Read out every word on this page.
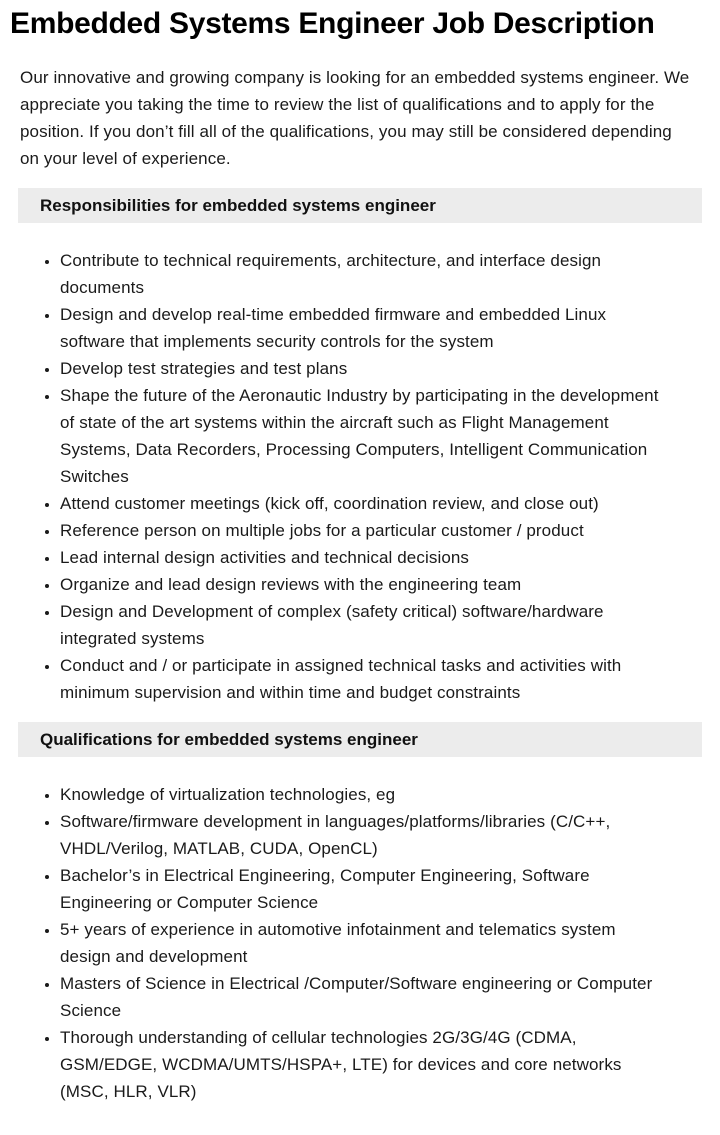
Embedded Systems Engineer Job Description

Our innovative and growing company is looking for an embedded systems engineer. We appreciate you taking the time to review the list of qualifications and to apply for the position. If you don’t fill all of the qualifications, you may still be considered depending on your level of experience.

Responsibilities for embedded systems engineer
• Contribute to technical requirements, architecture, and interface design documents
• Design and develop real-time embedded firmware and embedded Linux software that implements security controls for the system
• Develop test strategies and test plans
• Shape the future of the Aeronautic Industry by participating in the development of state of the art systems within the aircraft such as Flight Management Systems, Data Recorders, Processing Computers, Intelligent Communication Switches
• Attend customer meetings (kick off, coordination review, and close out)
• Reference person on multiple jobs for a particular customer / product
• Lead internal design activities and technical decisions
• Organize and lead design reviews with the engineering team
• Design and Development of complex (safety critical) software/hardware integrated systems
• Conduct and / or participate in assigned technical tasks and activities with minimum supervision and within time and budget constraints
Qualifications for embedded systems engineer
• Knowledge of virtualization technologies, eg
• Software/firmware development in languages/platforms/libraries (C/C++, VHDL/Verilog, MATLAB, CUDA, OpenCL)
• Bachelor’s in Electrical Engineering, Computer Engineering, Software Engineering or Computer Science
• 5+ years of experience in automotive infotainment and telematics system design and development
• Masters of Science in Electrical /Computer/Software engineering or Computer Science
• Thorough understanding of cellular technologies 2G/3G/4G (CDMA, GSM/EDGE, WCDMA/UMTS/HSPA+, LTE) for devices and core networks (MSC, HLR, VLR)
